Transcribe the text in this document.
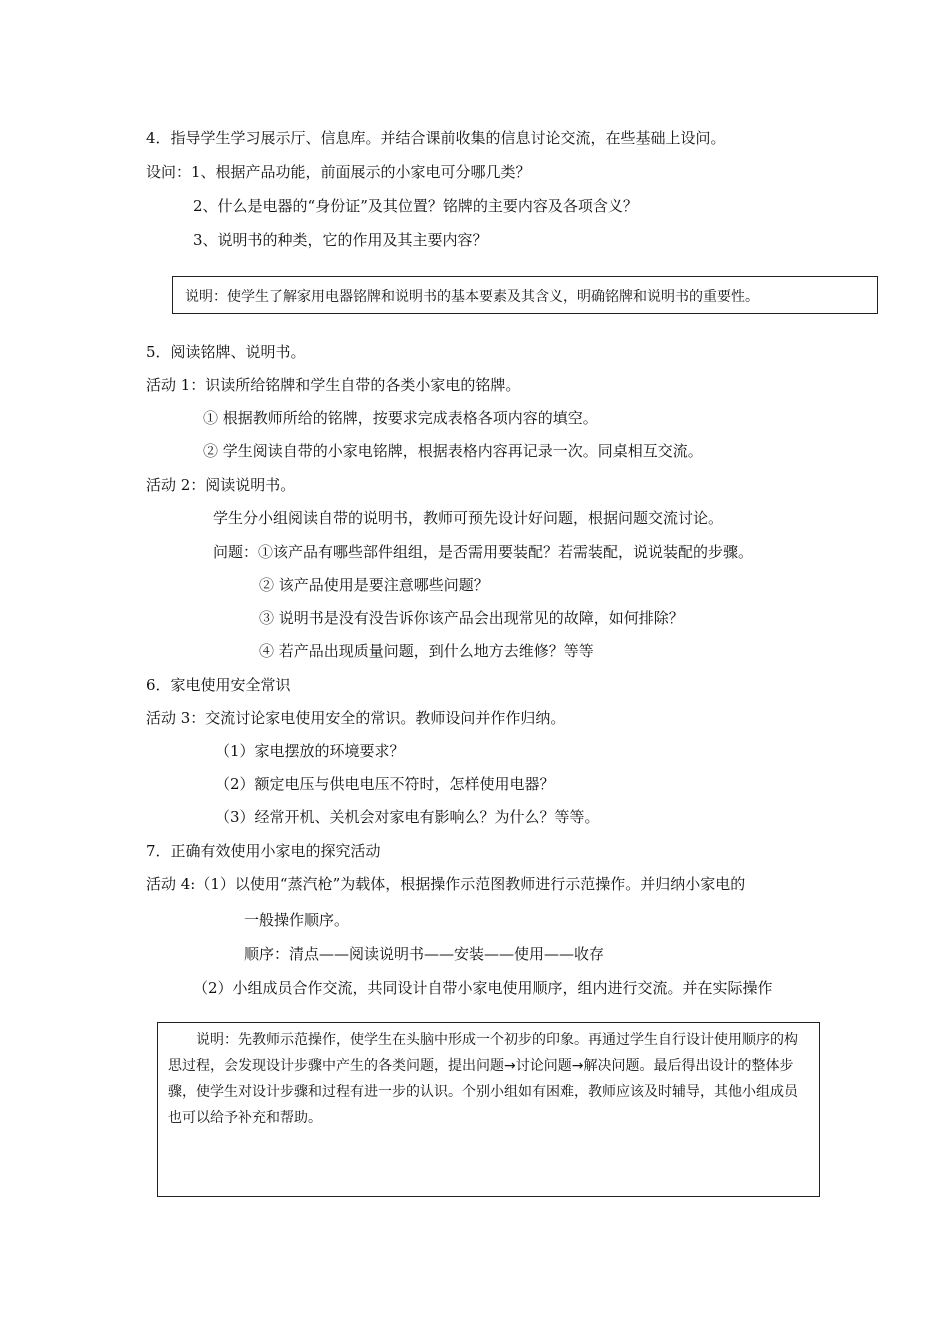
4．指导学生学习展示厅、信息库。并结合课前收集的信息讨论交流，在些基础上设问。
设问：1、根据产品功能，前面展示的小家电可分哪几类？
2、什么是电器的“身份证”及其位置？铭牌的主要内容及各项含义？
3、说明书的种类，它的作用及其主要内容？
说明：使学生了解家用电器铭牌和说明书的基本要素及其含义，明确铭牌和说明书的重要性。
5．阅读铭牌、说明书。
活动 1：识读所给铭牌和学生自带的各类小家电的铭牌。
① 根据教师所给的铭牌，按要求完成表格各项内容的填空。
② 学生阅读自带的小家电铭牌，根据表格内容再记录一次。同桌相互交流。
活动 2：阅读说明书。
学生分小组阅读自带的说明书，教师可预先设计好问题，根据问题交流讨论。
问题：①该产品有哪些部件组组，是否需用要装配？若需装配，说说装配的步骤。
② 该产品使用是要注意哪些问题？
③ 说明书是没有没告诉你该产品会出现常见的故障，如何排除？
④ 若产品出现质量问题，到什么地方去维修？等等
6．家电使用安全常识
活动 3：交流讨论家电使用安全的常识。教师设问并作作归纳。
（1）家电摆放的环境要求？
（2）额定电压与供电电压不符时，怎样使用电器？
（3）经常开机、关机会对家电有影响么？为什么？等等。
7．正确有效使用小家电的探究活动
活动 4:（1）以使用“蒸汽枪”为载体，根据操作示范图教师进行示范操作。并归纳小家电的
一般操作顺序。
顺序：清点——阅读说明书——安装——使用——收存
（2）小组成员合作交流，共同设计自带小家电使用顺序，组内进行交流。并在实际操作

说明：先教师示范操作，使学生在头脑中形成一个初步的印象。再通过学生自行设计使用顺序的构思过程，会发现设计步骤中产生的各类问题，提出问题→讨论问题→解决问题。最后得出设计的整体步骤，使学生对设计步骤和过程有进一步的认识。个别小组如有困难，教师应该及时辅导，其他小组成员也可以给予补充和帮助。
